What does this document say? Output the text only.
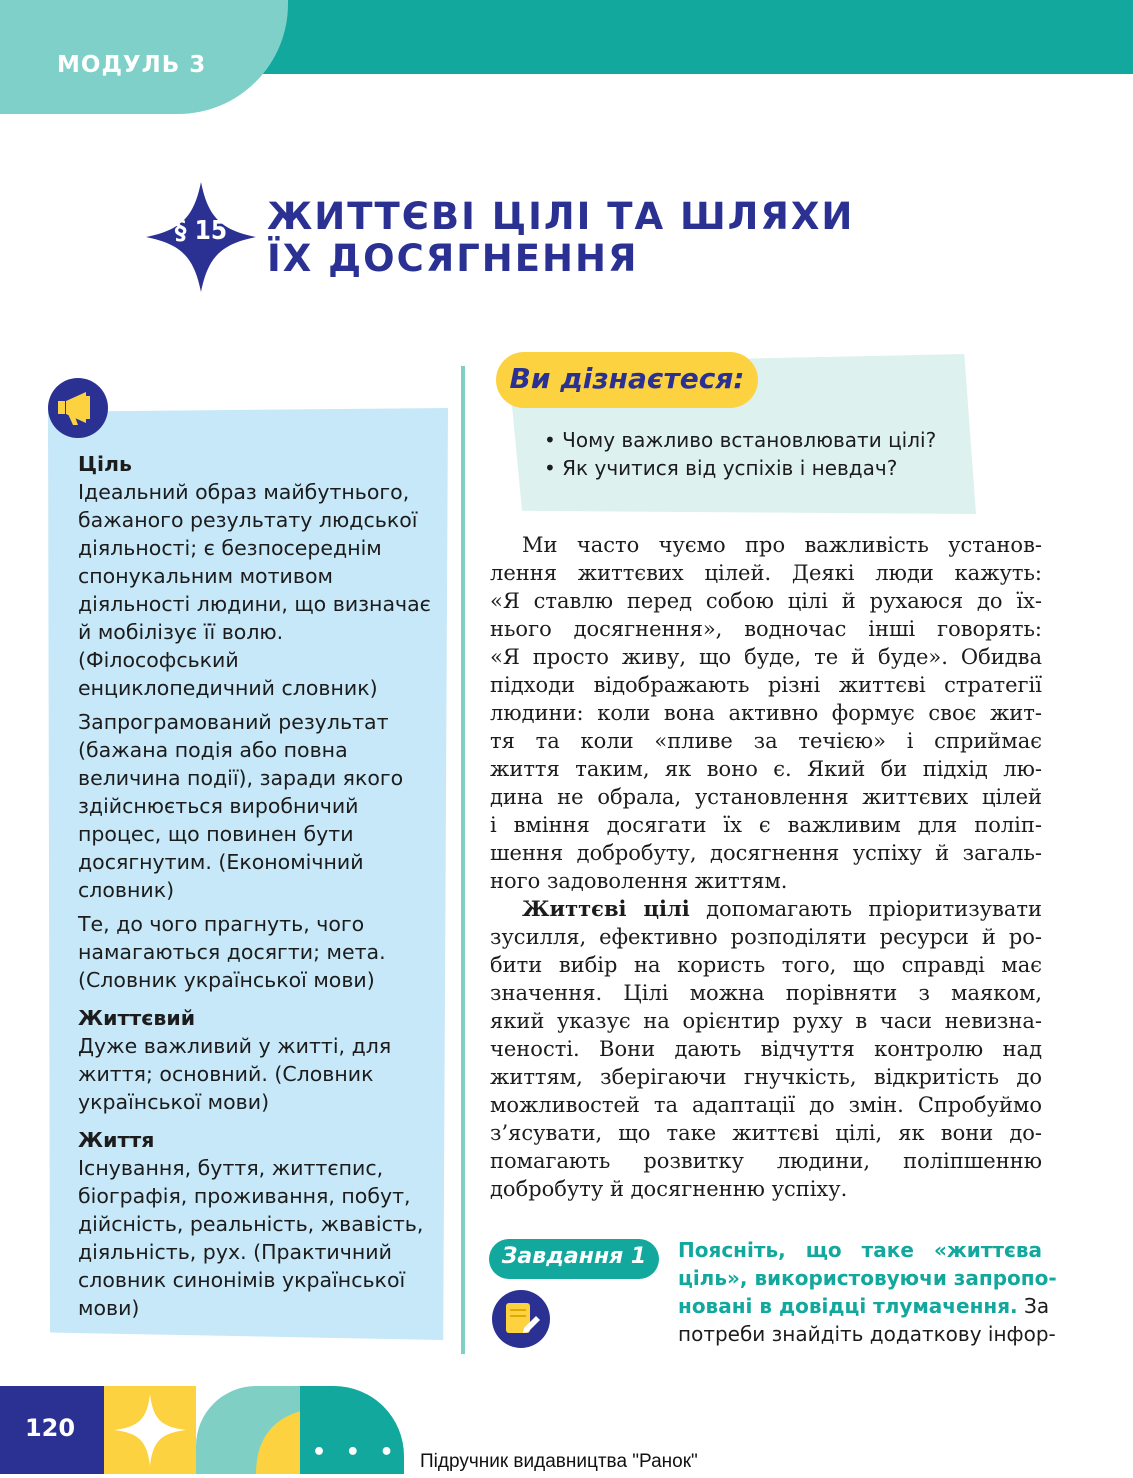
МОДУЛЬ 3
§ 15	ЖИТТЄВІ ЦІЛІ ТА ШЛЯХИ
ЇХ ДОСЯГНЕННЯ
Ціль
Ідеальний образ майбутнього, бажаного результату людської діяльності; є безпосереднім спонукальним мотивом діяльності людини, що визначає й мобілізує її волю. (Філософський енциклопедичний словник)
Запрограмований результат (бажана подія або повна величина події), заради якого здійснюється виробничий процес, що повинен бути досягнутим. (Економічний словник)
Те, до чого прагнуть, чого намагаються досягти; мета. (Словник української мови)
Життєвий
Дуже важливий у житті, для життя; основний. (Словник української мови)
Життя
Існування, буття, життєпис, біографія, проживання, побут, дійсність, реальність, жвавість, діяльність, рух. (Практичний словник синонімів української мови)
Ви дізнаєтеся:
• Чому важливо встановлювати цілі?
• Як учитися від успіхів і невдач?
Ми часто чуємо про важливість установ-
лення життєвих цілей. Деякі люди кажуть:
«Я ставлю перед собою цілі й рухаюся до їх-
нього досягнення», водночас інші говорять:
«Я просто живу, що буде, те й буде». Обидва
підходи відображають різні життєві стратегії
людини: коли вона активно формує своє жит-
тя та коли «пливе за течією» і сприймає
життя таким, як воно є. Який би підхід лю-
дина не обрала, установлення життєвих цілей
і вміння досягати їх є важливим для поліп-
шення добробуту, досягнення успіху й загаль-
ного задоволення життям.
Життєві цілі допомагають пріоритизувати
зусилля, ефективно розподіляти ресурси й ро-
бити вибір на користь того, що справді має
значення. Цілі можна порівняти з маяком,
який указує на орієнтир руху в часи невизна-
ченості. Вони дають відчуття контролю над
життям, зберігаючи гнучкість, відкритість до
можливостей та адаптації до змін. Спробуймо
з’ясувати, що таке життєві цілі, як вони до-
помагають розвитку людини, поліпшенню
добробуту й досягненню успіху.
Завдання 1	Поясніть, що таке «життєва
ціль», використовуючи запропо-
новані в довідці тлумачення. За
потреби знайдіть додаткову інфор-
120
• • • •
Підручник видавництва "Ранок"
